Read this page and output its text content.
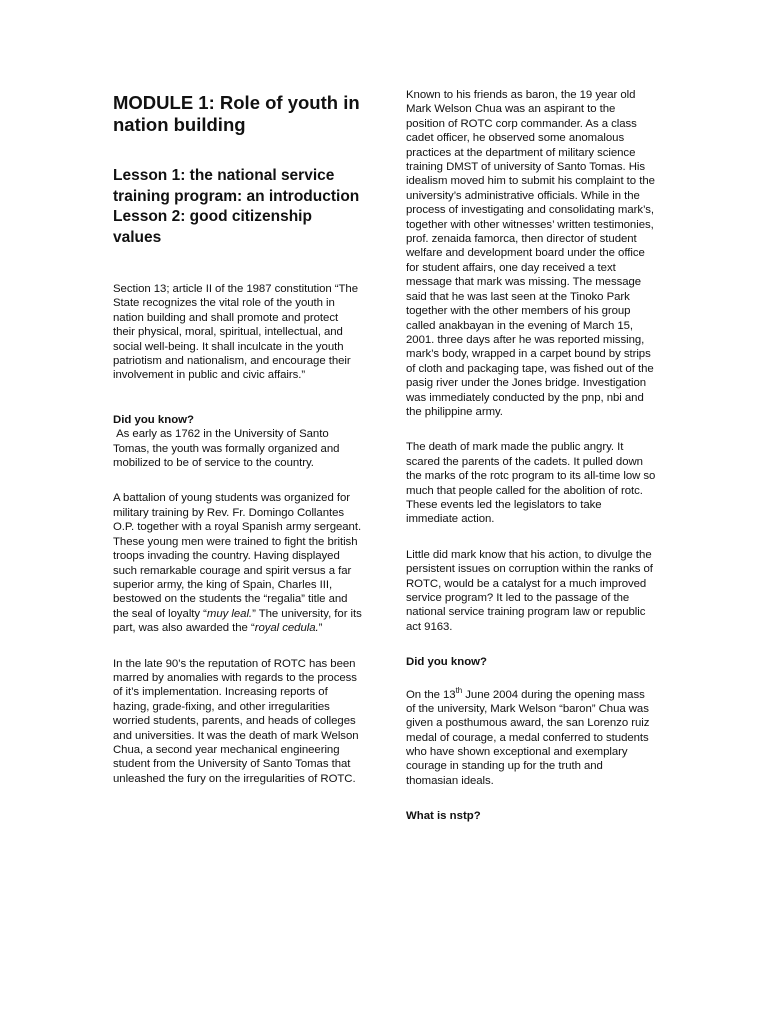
MODULE 1: Role of youth in nation building
Lesson 1: the national service training program: an introduction
Lesson 2: good citizenship values

Section 13; article II of the 1987 constitution “The State recognizes the vital role of the youth in nation building and shall promote and protect their physical, moral, spiritual, intellectual, and social well-being. It shall inculcate in the youth patriotism and nationalism, and encourage their involvement in public and civic affairs.”

Did you know?

As early as 1762 in the University of Santo Tomas, the youth was formally organized and mobilized to be of service to the country.

A battalion of young students was organized for military training by Rev. Fr. Domingo Collantes O.P. together with a royal Spanish army sergeant. These young men were trained to fight the british troops invading the country. Having displayed such remarkable courage and spirit versus a far superior army, the king of Spain, Charles III, bestowed on the students the “regalia” title and the seal of loyalty “muy leal.” The university, for its part, was also awarded the “royal cedula.”

In the late 90’s the reputation of ROTC has been marred by anomalies with regards to the process of it’s implementation. Increasing reports of hazing, grade-fixing, and other irregularities worried students, parents, and heads of colleges and universities. It was the death of mark Welson Chua, a second year mechanical engineering student from the University of Santo Tomas that unleashed the fury on the irregularities of ROTC.

Known to his friends as baron, the 19 year old Mark Welson Chua was an aspirant to the position of ROTC corp commander. As a class cadet officer, he observed some anomalous practices at the department of military science training DMST of university of Santo Tomas. His idealism moved him to submit his complaint to the university’s administrative officials. While in the process of investigating and consolidating mark’s, together with other witnesses’ written testimonies, prof. zenaida famorca, then director of student welfare and development board under the office for student affairs, one day received a text message that mark was missing. The message said that he was last seen at the Tinoko Park together with the other members of his group called anakbayan in the evening of March 15, 2001. three days after he was reported missing, mark’s body, wrapped in a carpet bound by strips of cloth and packaging tape, was fished out of the pasig river under the Jones bridge. Investigation was immediately conducted by the pnp, nbi and the philippine army.

The death of mark made the public angry. It scared the parents of the cadets. It pulled down the marks of the rotc program to its all-time low so much that people called for the abolition of rotc. These events led the legislators to take immediate action.

Little did mark know that his action, to divulge the persistent issues on corruption within the ranks of ROTC, would be a catalyst for a much improved service program? It led to the passage of the national service training program law or republic act 9163.

Did you know?

On the 13th June 2004 during the opening mass of the university, Mark Welson “baron” Chua was given a posthumous award, the san Lorenzo ruiz medal of courage, a medal conferred to students who have shown exceptional and exemplary courage in standing up for the truth and thomasian ideals.

What is nstp?
